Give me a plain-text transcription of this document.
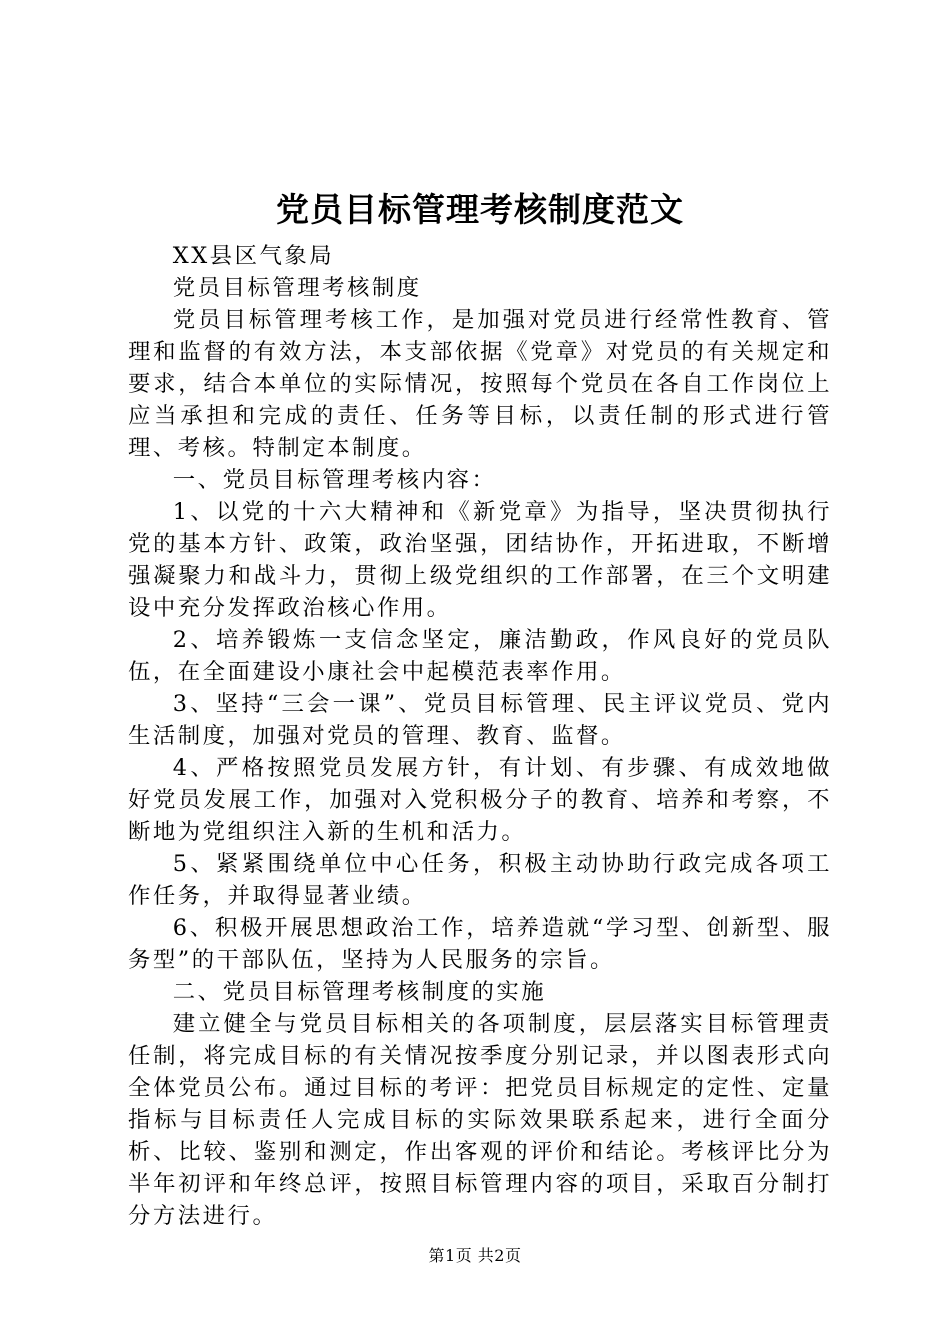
党员目标管理考核制度范文

XX县区气象局

党员目标管理考核制度

党员目标管理考核工作，是加强对党员进行经常性教育、管理和监督的有效方法，本支部依据《党章》对党员的有关规定和要求，结合本单位的实际情况，按照每个党员在各自工作岗位上应当承担和完成的责任、任务等目标，以责任制的形式进行管理、考核。特制定本制度。

一、党员目标管理考核内容：

1、以党的十六大精神和《新党章》为指导，坚决贯彻执行党的基本方针、政策，政治坚强，团结协作，开拓进取，不断增强凝聚力和战斗力，贯彻上级党组织的工作部署，在三个文明建设中充分发挥政治核心作用。

2、培养锻炼一支信念坚定，廉洁勤政，作风良好的党员队伍，在全面建设小康社会中起模范表率作用。

3、坚持“三会一课”、党员目标管理、民主评议党员、党内生活制度，加强对党员的管理、教育、监督。

4、严格按照党员发展方针，有计划、有步骤、有成效地做好党员发展工作，加强对入党积极分子的教育、培养和考察，不断地为党组织注入新的生机和活力。

5、紧紧围绕单位中心任务，积极主动协助行政完成各项工作任务，并取得显著业绩。

6、积极开展思想政治工作，培养造就“学习型、创新型、服务型”的干部队伍，坚持为人民服务的宗旨。

二、党员目标管理考核制度的实施

建立健全与党员目标相关的各项制度，层层落实目标管理责任制，将完成目标的有关情况按季度分别记录，并以图表形式向全体党员公布。通过目标的考评：把党员目标规定的定性、定量指标与目标责任人完成目标的实际效果联系起来，进行全面分析、比较、鉴别和测定，作出客观的评价和结论。考核评比分为半年初评和年终总评，按照目标管理内容的项目，采取百分制打分方法进行。

第1页 共2页
